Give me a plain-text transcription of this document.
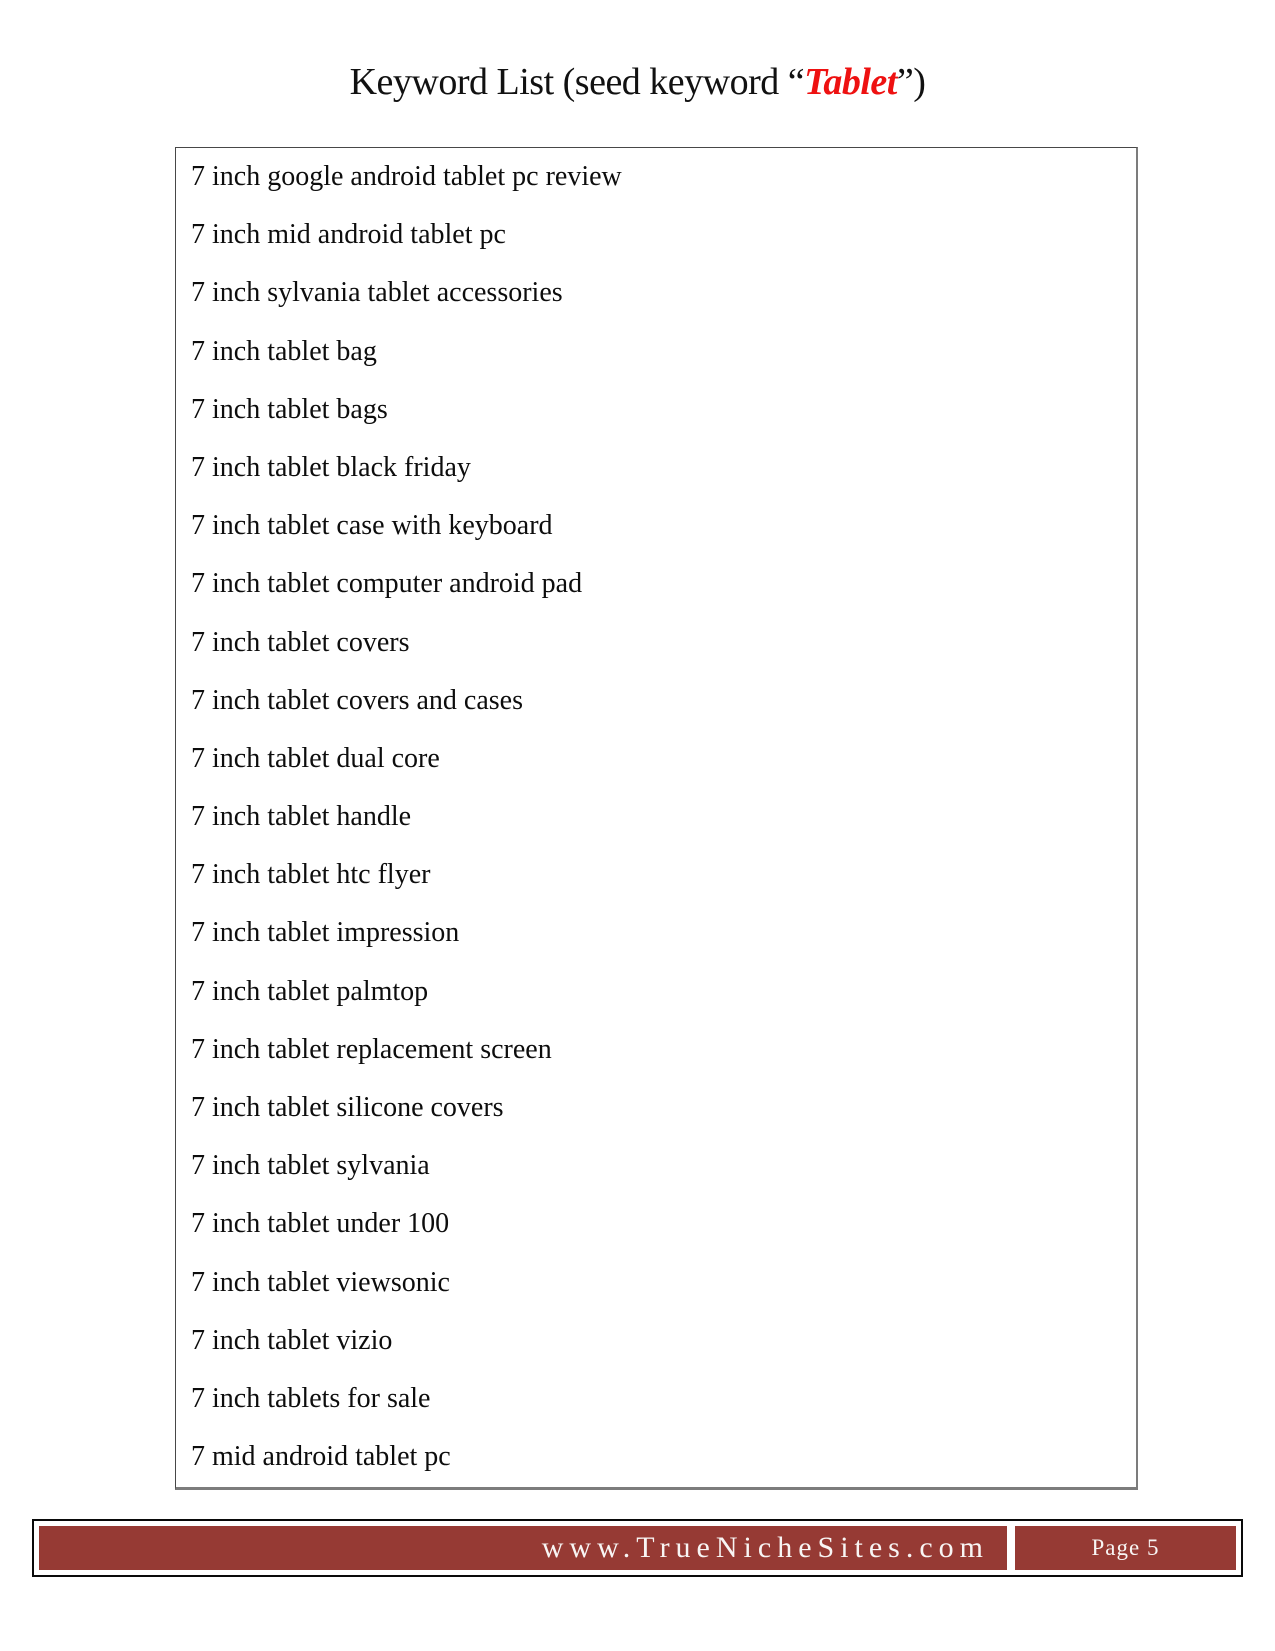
Keyword List (seed keyword “Tablet”)
7 inch google android tablet pc review
7 inch mid android tablet pc
7 inch sylvania tablet accessories
7 inch tablet bag
7 inch tablet bags
7 inch tablet black friday
7 inch tablet case with keyboard
7 inch tablet computer android pad
7 inch tablet covers
7 inch tablet covers and cases
7 inch tablet dual core
7 inch tablet handle
7 inch tablet htc flyer
7 inch tablet impression
7 inch tablet palmtop
7 inch tablet replacement screen
7 inch tablet silicone covers
7 inch tablet sylvania
7 inch tablet under 100
7 inch tablet viewsonic
7 inch tablet vizio
7 inch tablets for sale
7 mid android tablet pc
www.TrueNicheSites.com	Page 5
